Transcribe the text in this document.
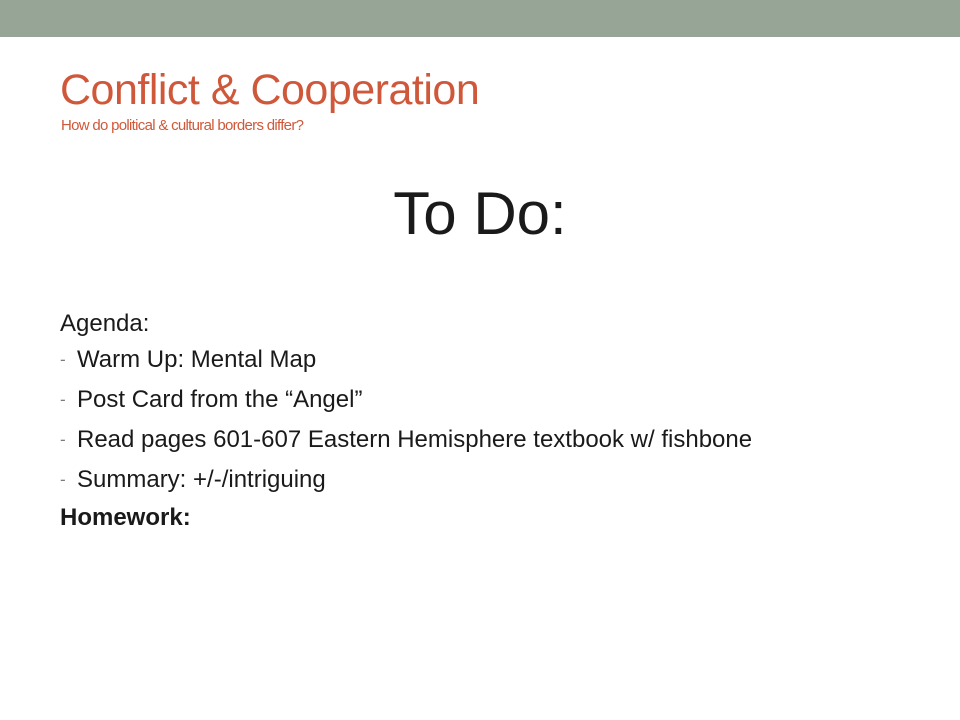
Conflict & Cooperation
How do political & cultural borders differ?
To Do:
Agenda:
- Warm Up: Mental Map
- Post Card from the “Angel”
- Read pages 601-607 Eastern Hemisphere textbook w/ fishbone
- Summary: +/-/intriguing
Homework:
